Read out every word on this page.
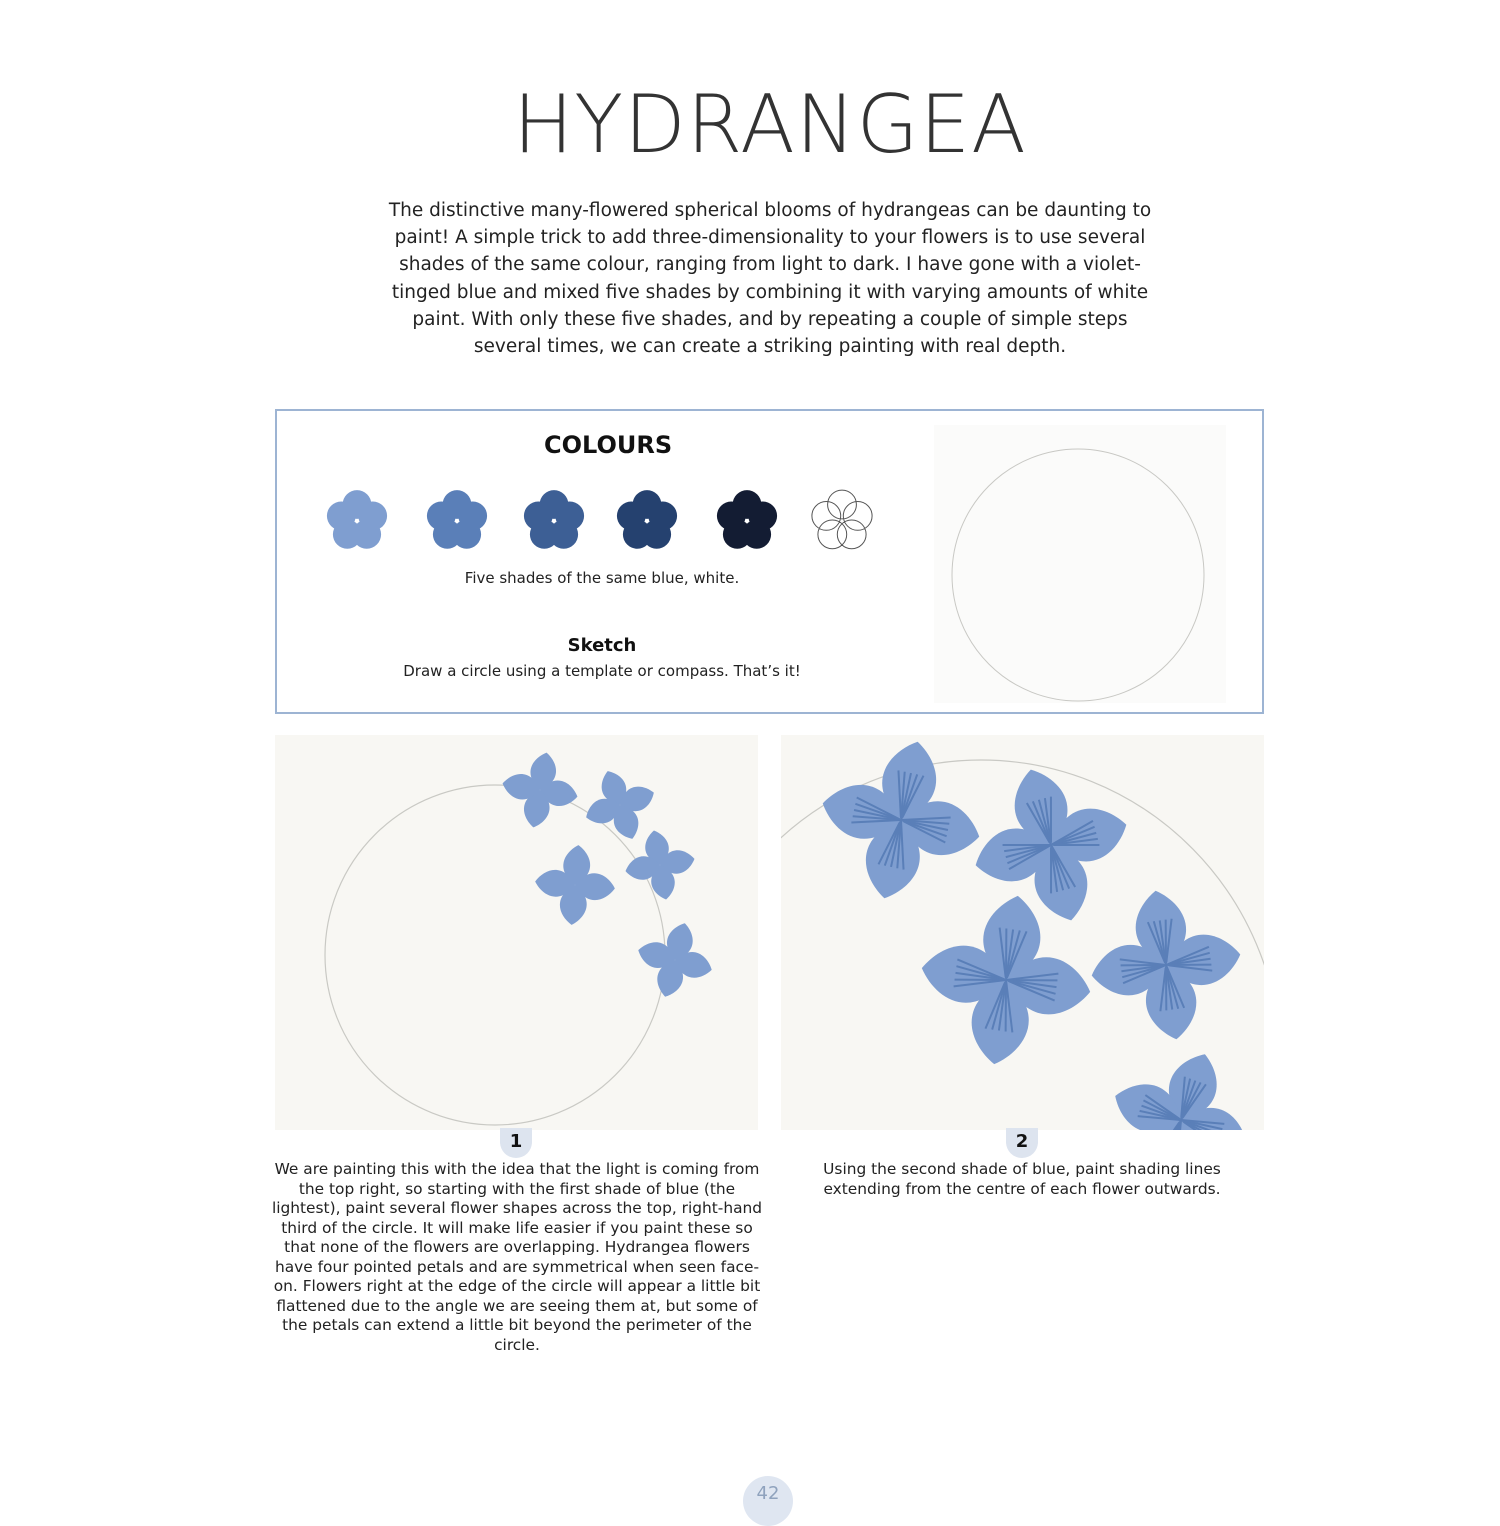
HYDRANGEA
The distinctive many-flowered spherical blooms of hydrangeas can be daunting to paint! A simple trick to add three-dimensionality to your flowers is to use several shades of the same colour, ranging from light to dark. I have gone with a violet-tinged blue and mixed five shades by combining it with varying amounts of white paint. With only these five shades, and by repeating a couple of simple steps several times, we can create a striking painting with real depth.
COLOURS
Five shades of the same blue, white.
Sketch
Draw a circle using a template or compass. That’s it!
1	2
We are painting this with the idea that the light is coming from the top right, so starting with the first shade of blue (the lightest), paint several flower shapes across the top, right-hand third of the circle. It will make life easier if you paint these so that none of the flowers are overlapping. Hydrangea flowers have four pointed petals and are symmetrical when seen face-on. Flowers right at the edge of the circle will appear a little bit flattened due to the angle we are seeing them at, but some of the petals can extend a little bit beyond the perimeter of the circle.
Using the second shade of blue, paint shading lines extending from the centre of each flower outwards.
42
